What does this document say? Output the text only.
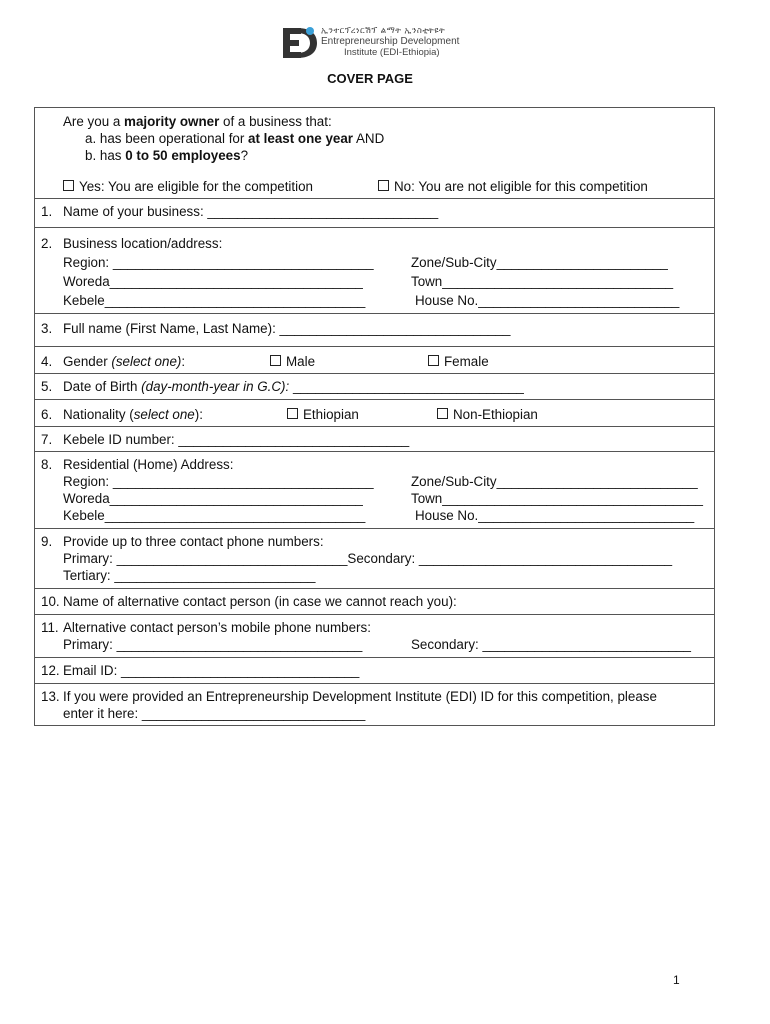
ኢንተርፕረነርሽፕ ልማት ኢንስቲትዩት
Entrepreneurship Development
Institute (EDI-Ethiopia)
COVER PAGE
Are you a majority owner of a business that:
a. has been operational for at least one year AND
b. has 0 to 50 employees?
Yes: You are eligible for the competition	No: You are not eligible for this competition
1. Name of your business: _______________________________
2. Business location/address:
Region: ___________________________________	Zone/Sub-City_______________________
Woreda__________________________________	Town_______________________________
Kebele___________________________________	House No.___________________________
3. Full name (First Name, Last Name): _______________________________
4. Gender (select one):	Male	Female
5. Date of Birth (day-month-year in G.C): _______________________________
6. Nationality (select one):	Ethiopian	Non-Ethiopian
7. Kebele ID number: _______________________________
8. Residential (Home) Address:
Region: ___________________________________	Zone/Sub-City___________________________
Woreda__________________________________	Town___________________________________
Kebele___________________________________	House No._____________________________
9. Provide up to three contact phone numbers:
Primary: _______________________________Secondary: __________________________________
Tertiary: ___________________________
10. Name of alternative contact person (in case we cannot reach you):
11. Alternative contact person’s mobile phone numbers:
Primary: _________________________________	Secondary: ____________________________
12. Email ID: ________________________________
13. If you were provided an Entrepreneurship Development Institute (EDI) ID for this competition, please
enter it here: ______________________________
1
